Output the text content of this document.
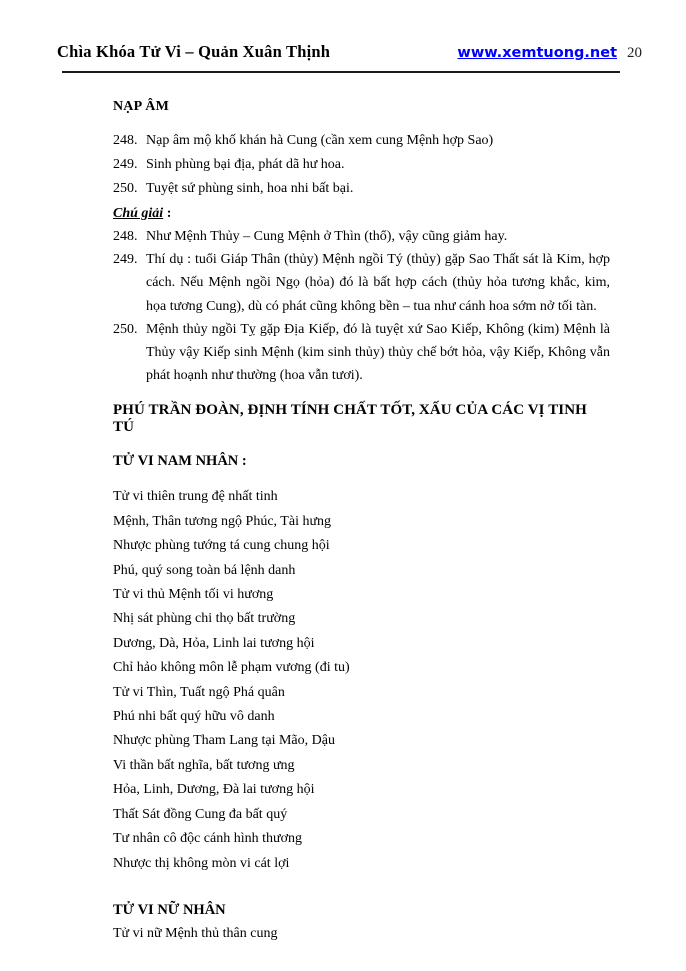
Chìa Khóa Tử Vi – Quản Xuân Thịnh	www.xemtuong.net 20
NẠP ÂM
248. Nạp âm mộ khố khán hà Cung (cần xem cung Mệnh hợp Sao)
249. Sinh phùng bại địa, phát dã hư hoa.
250. Tuyệt sứ phùng sinh, hoa nhi bất bại.
Chú giải :
248. Như Mệnh Thủy – Cung Mệnh ở Thìn (thổ), vậy cũng giảm hay.
249. Thí dụ : tuổi Giáp Thân (thủy) Mệnh ngồi Tý (thủy) gặp Sao Thất sát là Kim, hợp cách. Nếu Mệnh ngồi Ngọ (hỏa) đó là bất hợp cách (thủy hỏa tương khắc, kim, họa tương Cung), dù có phát cũng không bền – tua như cánh hoa sớm nở tối tàn.
250. Mệnh thủy ngồi Tỵ gặp Địa Kiếp, đó là tuyệt xứ Sao Kiếp, Không (kim) Mệnh là Thủy vậy Kiếp sinh Mệnh (kim sinh thủy) thủy chế bớt hỏa, vậy Kiếp, Không vẫn phát hoạnh như thường (hoa vẫn tươi).
PHÚ TRẦN ĐOÀN, ĐỊNH TÍNH CHẤT TỐT, XẤU CỦA CÁC VỊ TINH TÚ
TỬ VI NAM NHÂN :
Tử vi thiên trung đệ nhất tinh
Mệnh, Thân tương ngộ Phúc, Tài hưng
Nhược phùng tướng tá cung chung hội
Phú, quý song toàn bá lệnh danh
Tử vi thủ Mệnh tối vi hương
Nhị sát phùng chi thọ bất trường
Dương, Dà, Hỏa, Linh lai tương hội
Chỉ hảo không môn lễ phạm vương (đi tu)
Tử vi Thìn, Tuất ngộ Phá quân
Phú nhi bất quý hữu vô danh
Nhược phùng Tham Lang tại Mão, Dậu
Vi thần bất nghĩa, bất tương ưng
Hỏa, Linh, Dương, Đà lai tương hội
Thất Sát đồng Cung đa bất quý
Tư nhân cô độc cánh hình thương
Nhược thị không mòn vi cát lợi
TỬ VI NỮ NHÂN
Tử vi nữ Mệnh thủ thân cung
